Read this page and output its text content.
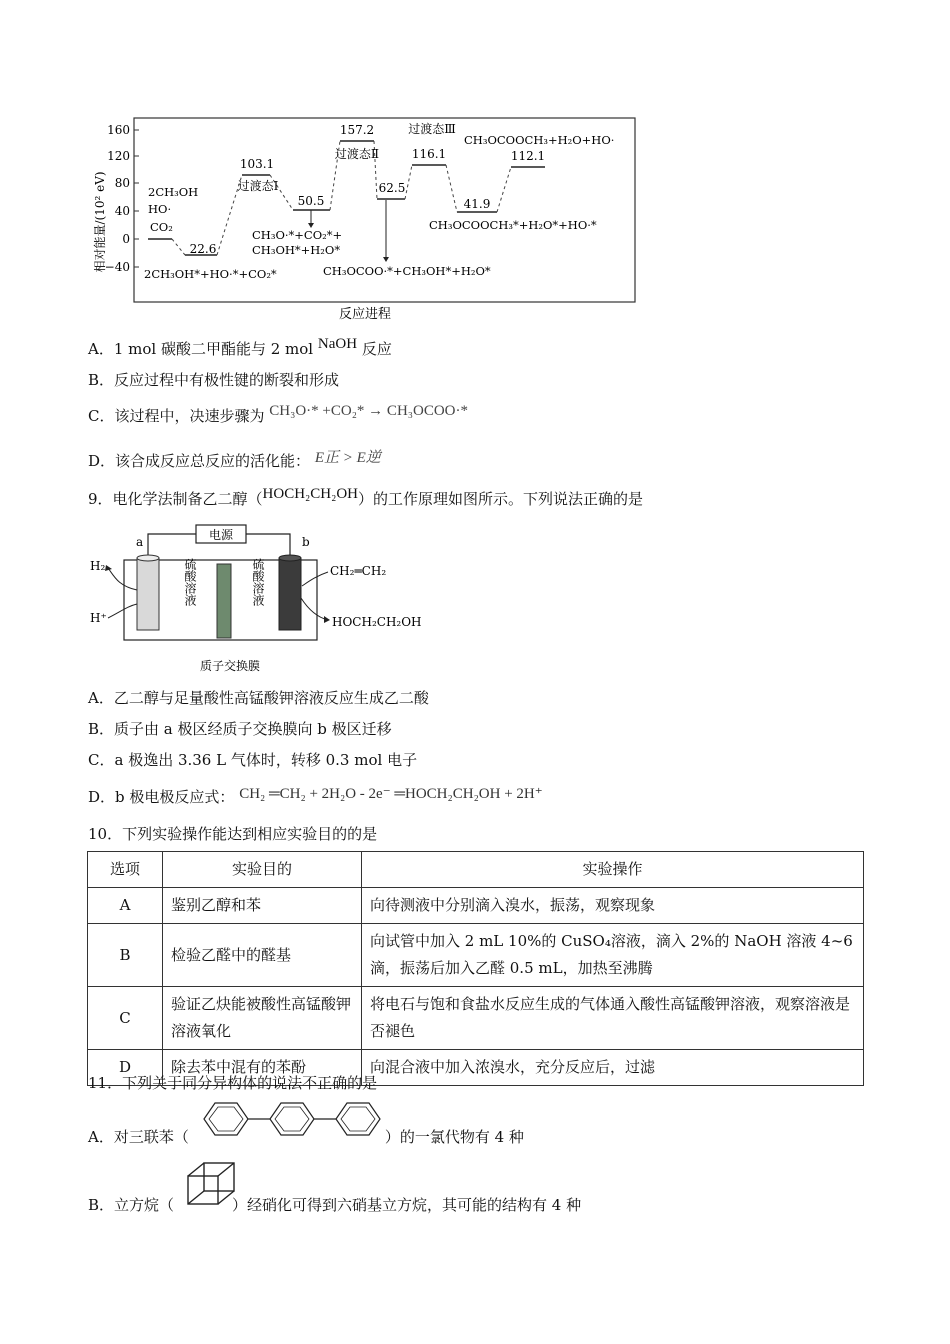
相对能量/(10² eV)
160
120
80
40
0
−40
103.1
50.5
157.2
62.5
116.1
41.9
112.1
22.6
过渡态Ⅰ
过渡态Ⅱ
过渡态Ⅲ
2CH₃OH
HO·
CO₂
2CH₃OH*+HO·*+CO₂*
CH₃O·*+CO₂*+
CH₃OH*+H₂O*
CH₃OCOO·*+CH₃OH*+H₂O*
CH₃OCOOCH₃*+H₂O*+HO·*
CH₃OCOOCH₃+H₂O+HO·
反应进程
A．1 mol 碳酸二甲酯能与 2 mol NaOH 反应
B．反应过程中有极性键的断裂和形成
C．该过程中，决速步骤为 CH₃O·* +CO₂* → CH₃OCOO·*
D．该合成反应总反应的活化能： E正 > E逆
9．电化学法制备乙二醇（HOCH₂CH₂OH）的工作原理如图所示。下列说法正确的是
电源
a	b
硫酸溶液	硫酸溶液
H₂
H⁺
CH₂═CH₂
HOCH₂CH₂OH
质子交换膜
A．乙二醇与足量酸性高锰酸钾溶液反应生成乙二酸
B．质子由 a 极区经质子交换膜向 b 极区迁移
C．a 极逸出 3.36 L 气体时，转移 0.3 mol 电子
D．b 极电极反应式： CH₂ ═CH₂ + 2H₂O - 2e⁻ ═HOCH₂CH₂OH + 2H⁺
10．下列实验操作能达到相应实验目的的是
选项	实验目的	实验操作
A	鉴别乙醇和苯	向待测液中分别滴入溴水，振荡，观察现象
B	检验乙醛中的醛基	向试管中加入 2 mL 10%的 CuSO₄溶液，滴入 2%的 NaOH 溶液 4~6 滴，振荡后加入乙醛 0.5 mL，加热至沸腾
C	验证乙炔能被酸性高锰酸钾溶液氧化	将电石与饱和食盐水反应生成的气体通入酸性高锰酸钾溶液，观察溶液是否褪色
D	除去苯中混有的苯酚	向混合液中加入浓溴水，充分反应后，过滤
11．下列关于同分异构体的说法不正确的是
A．对三联苯（	）的一氯代物有 4 种
B．立方烷（	）经硝化可得到六硝基立方烷，其可能的结构有 4 种
